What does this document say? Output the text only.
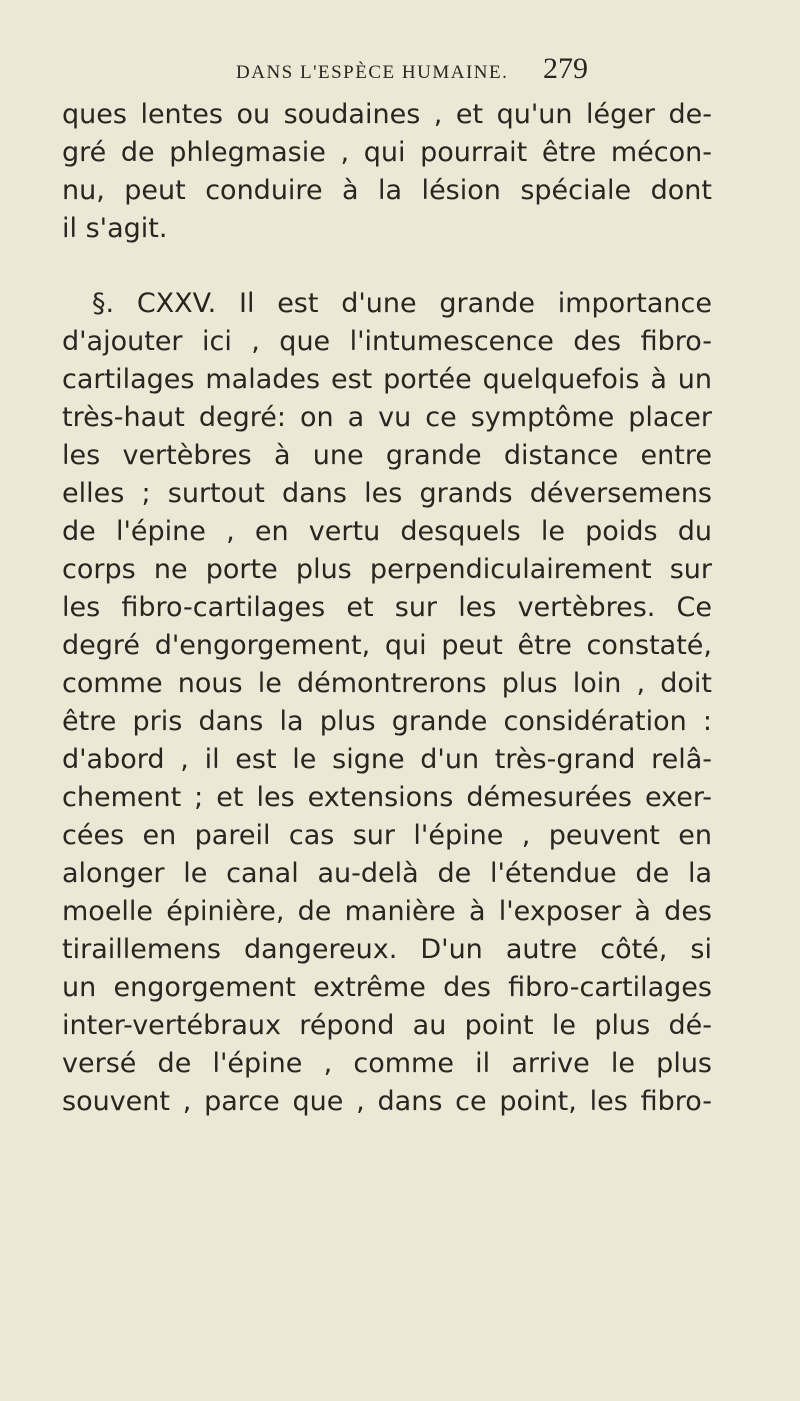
DANS L'ESPÈCE HUMAINE.	279
ques lentes ou soudaines , et qu'un léger de-
gré de phlegmasie , qui pourrait être mécon-
nu, peut conduire à la lésion spéciale dont
il s'agit.
§. CXXV. Il est d'une grande importance
d'ajouter ici , que l'intumescence des fibro-
cartilages malades est portée quelquefois à un
très-haut degré: on a vu ce symptôme placer
les vertèbres à une grande distance entre
elles ; surtout dans les grands déversemens
de l'épine , en vertu desquels le poids du
corps ne porte plus perpendiculairement sur
les fibro-cartilages et sur les vertèbres. Ce
degré d'engorgement, qui peut être constaté,
comme nous le démontrerons plus loin , doit
être pris dans la plus grande considération :
d'abord , il est le signe d'un très-grand relâ-
chement ; et les extensions démesurées exer-
cées en pareil cas sur l'épine , peuvent en
alonger le canal au-delà de l'étendue de la
moelle épinière, de manière à l'exposer à des
tiraillemens dangereux. D'un autre côté, si
un engorgement extrême des fibro-cartilages
inter-vertébraux répond au point le plus dé-
versé de l'épine , comme il arrive le plus
souvent , parce que , dans ce point, les fibro-
